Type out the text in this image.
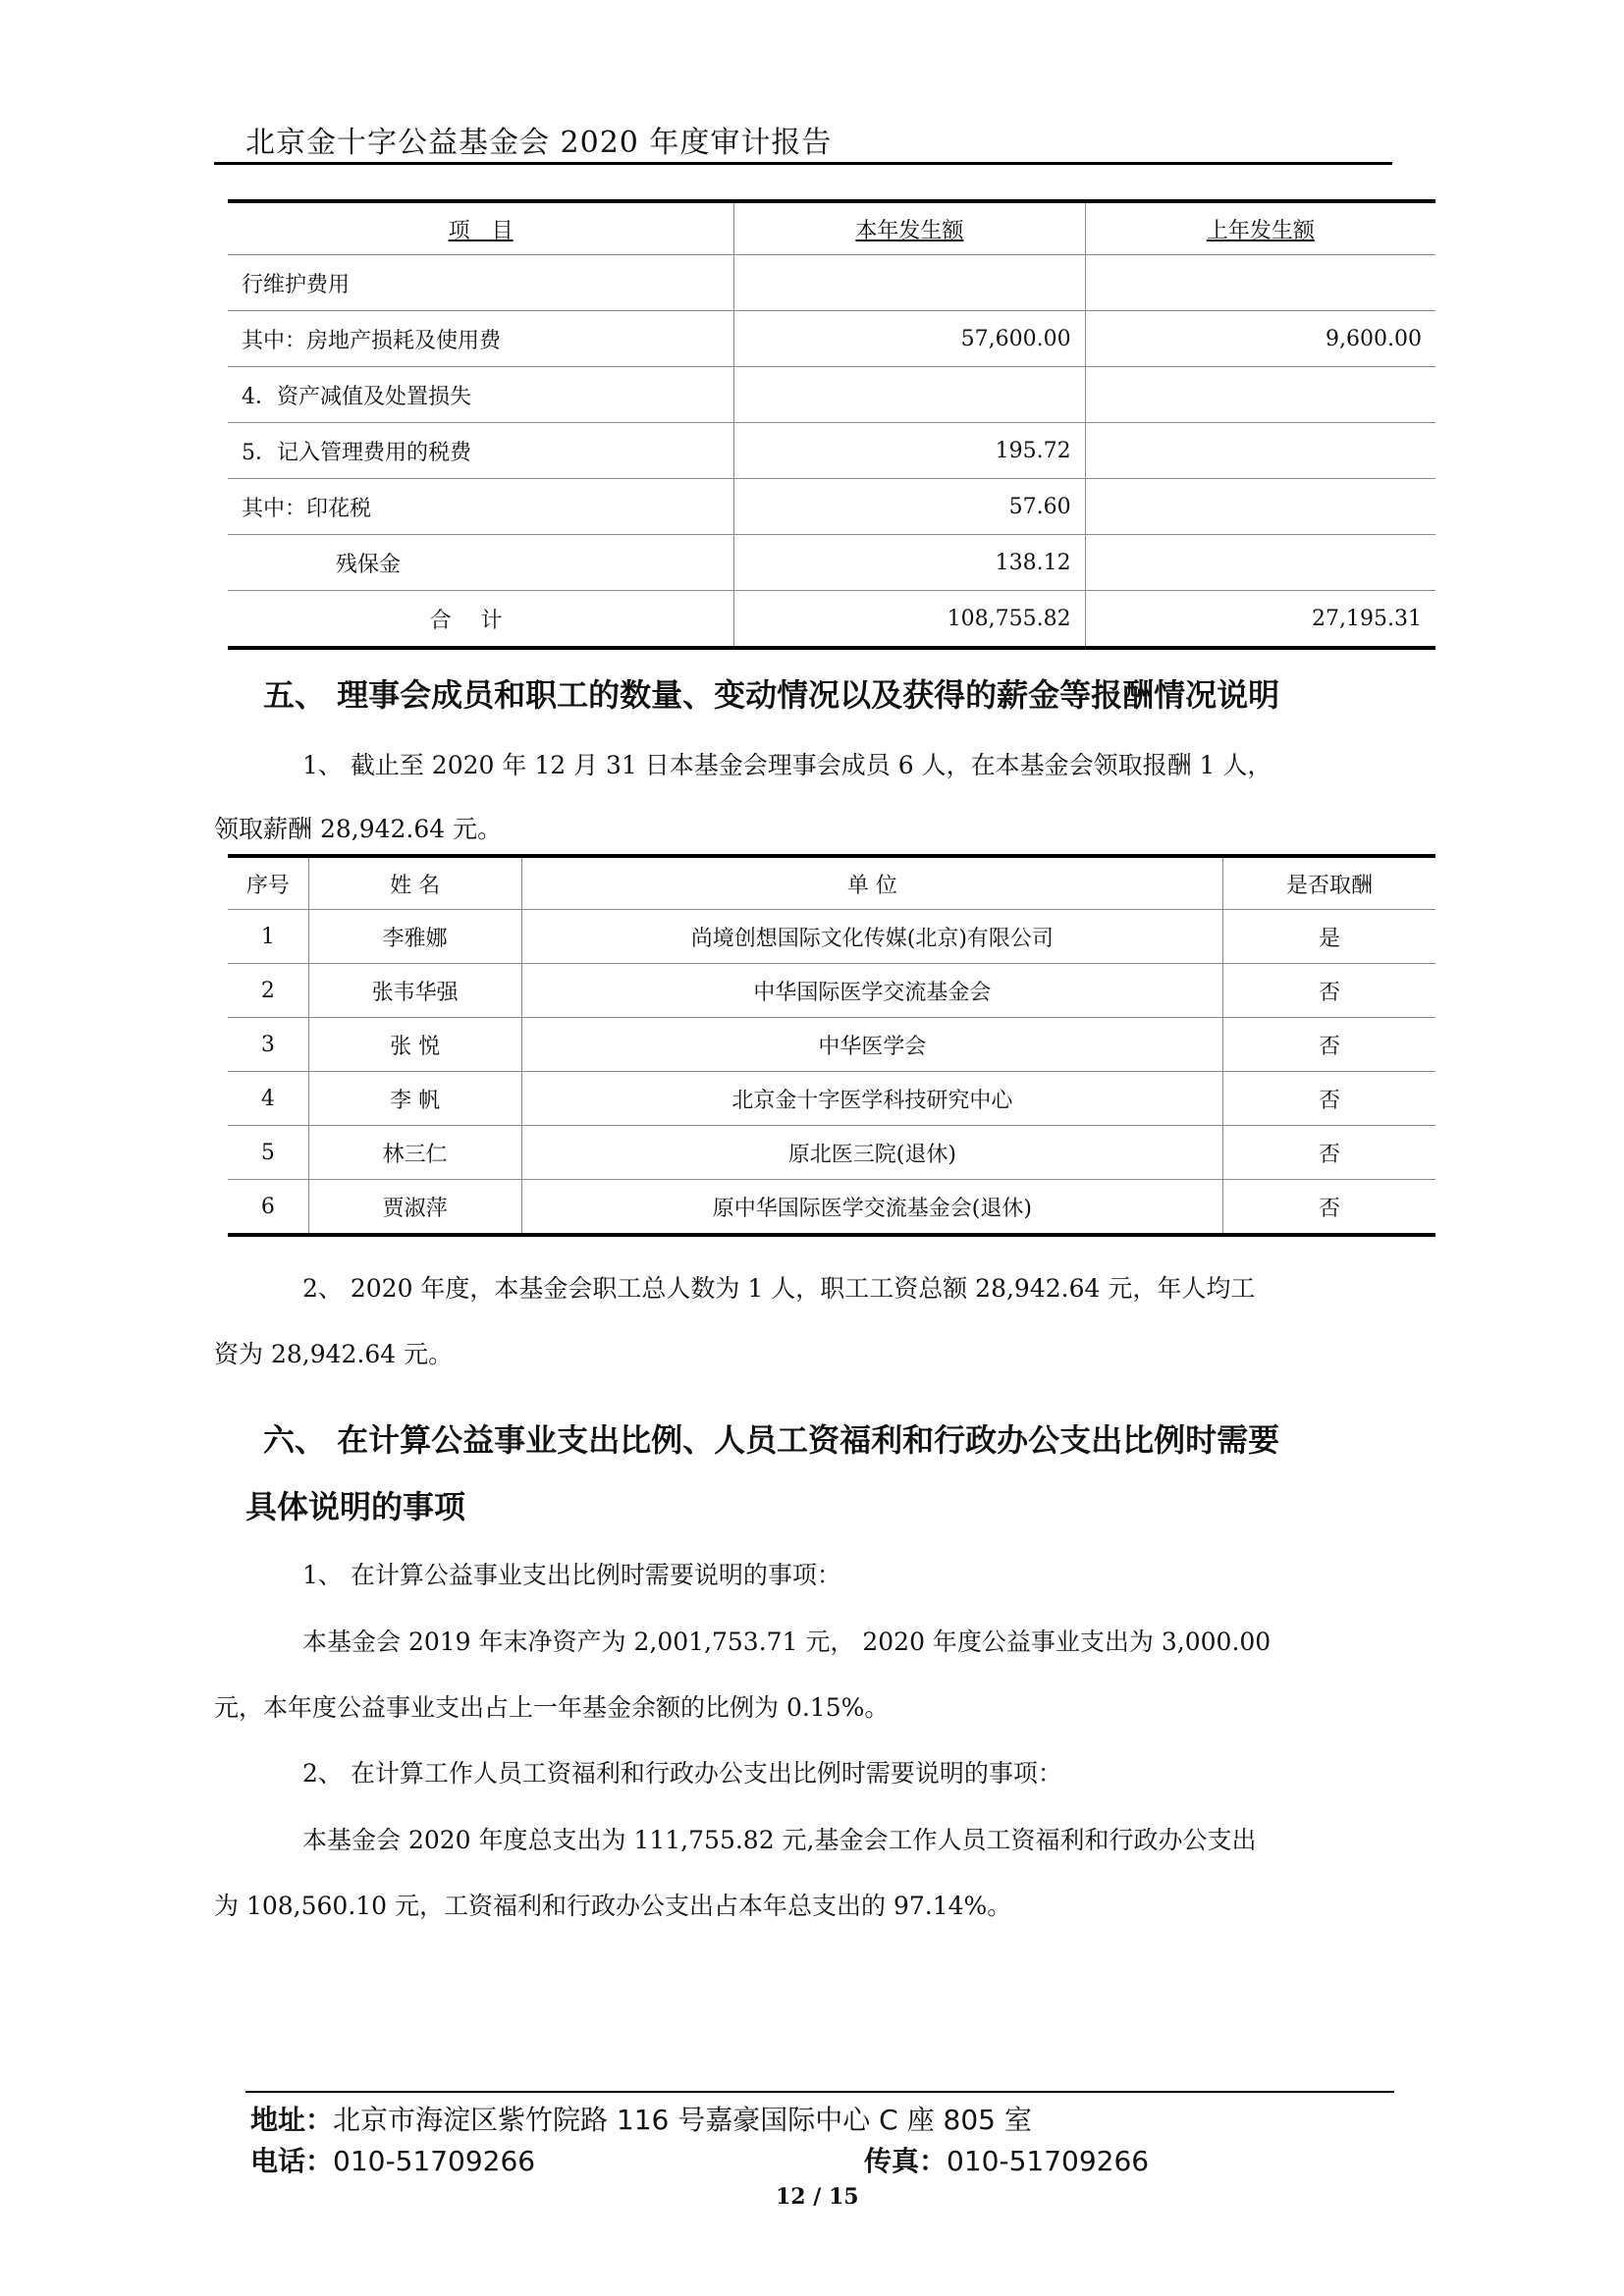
北京金十字公益基金会 2020 年度审计报告
项　目	本年发生额	上年发生额
行维护费用		
其中：房地产损耗及使用费	57,600.00	9,600.00
4．资产减值及处置损失		
5．记入管理费用的税费	195.72	
其中：印花税	57.60	
残保金	138.12	
合计	108,755.82	27,195.31
五、 理事会成员和职工的数量、变动情况以及获得的薪金等报酬情况说明
1、 截止至 2020 年 12 月 31 日本基金会理事会成员 6 人，在本基金会领取报酬 1 人，
领取薪酬 28,942.64 元。
序号	姓 名	单 位	是否取酬
1	李雅娜	尚境创想国际文化传媒(北京)有限公司	是
2	张韦华强	中华国际医学交流基金会	否
3	张 悦	中华医学会	否
4	李 帆	北京金十字医学科技研究中心	否
5	林三仁	原北医三院(退休)	否
6	贾淑萍	原中华国际医学交流基金会(退休)	否
2、 2020 年度，本基金会职工总人数为 1 人，职工工资总额 28,942.64 元，年人均工
资为 28,942.64 元。
六、 在计算公益事业支出比例、人员工资福利和行政办公支出比例时需要
具体说明的事项
1、 在计算公益事业支出比例时需要说明的事项：
本基金会 2019 年末净资产为 2,001,753.71 元， 2020 年度公益事业支出为 3,000.00
元，本年度公益事业支出占上一年基金余额的比例为 0.15%。
2、 在计算工作人员工资福利和行政办公支出比例时需要说明的事项：
本基金会 2020 年度总支出为 111,755.82 元,基金会工作人员工资福利和行政办公支出
为 108,560.10 元，工资福利和行政办公支出占本年总支出的 97.14%。
地址：北京市海淀区紫竹院路 116 号嘉豪国际中心 C 座 805 室
电话：010-51709266	传真：010-51709266
12 / 15
